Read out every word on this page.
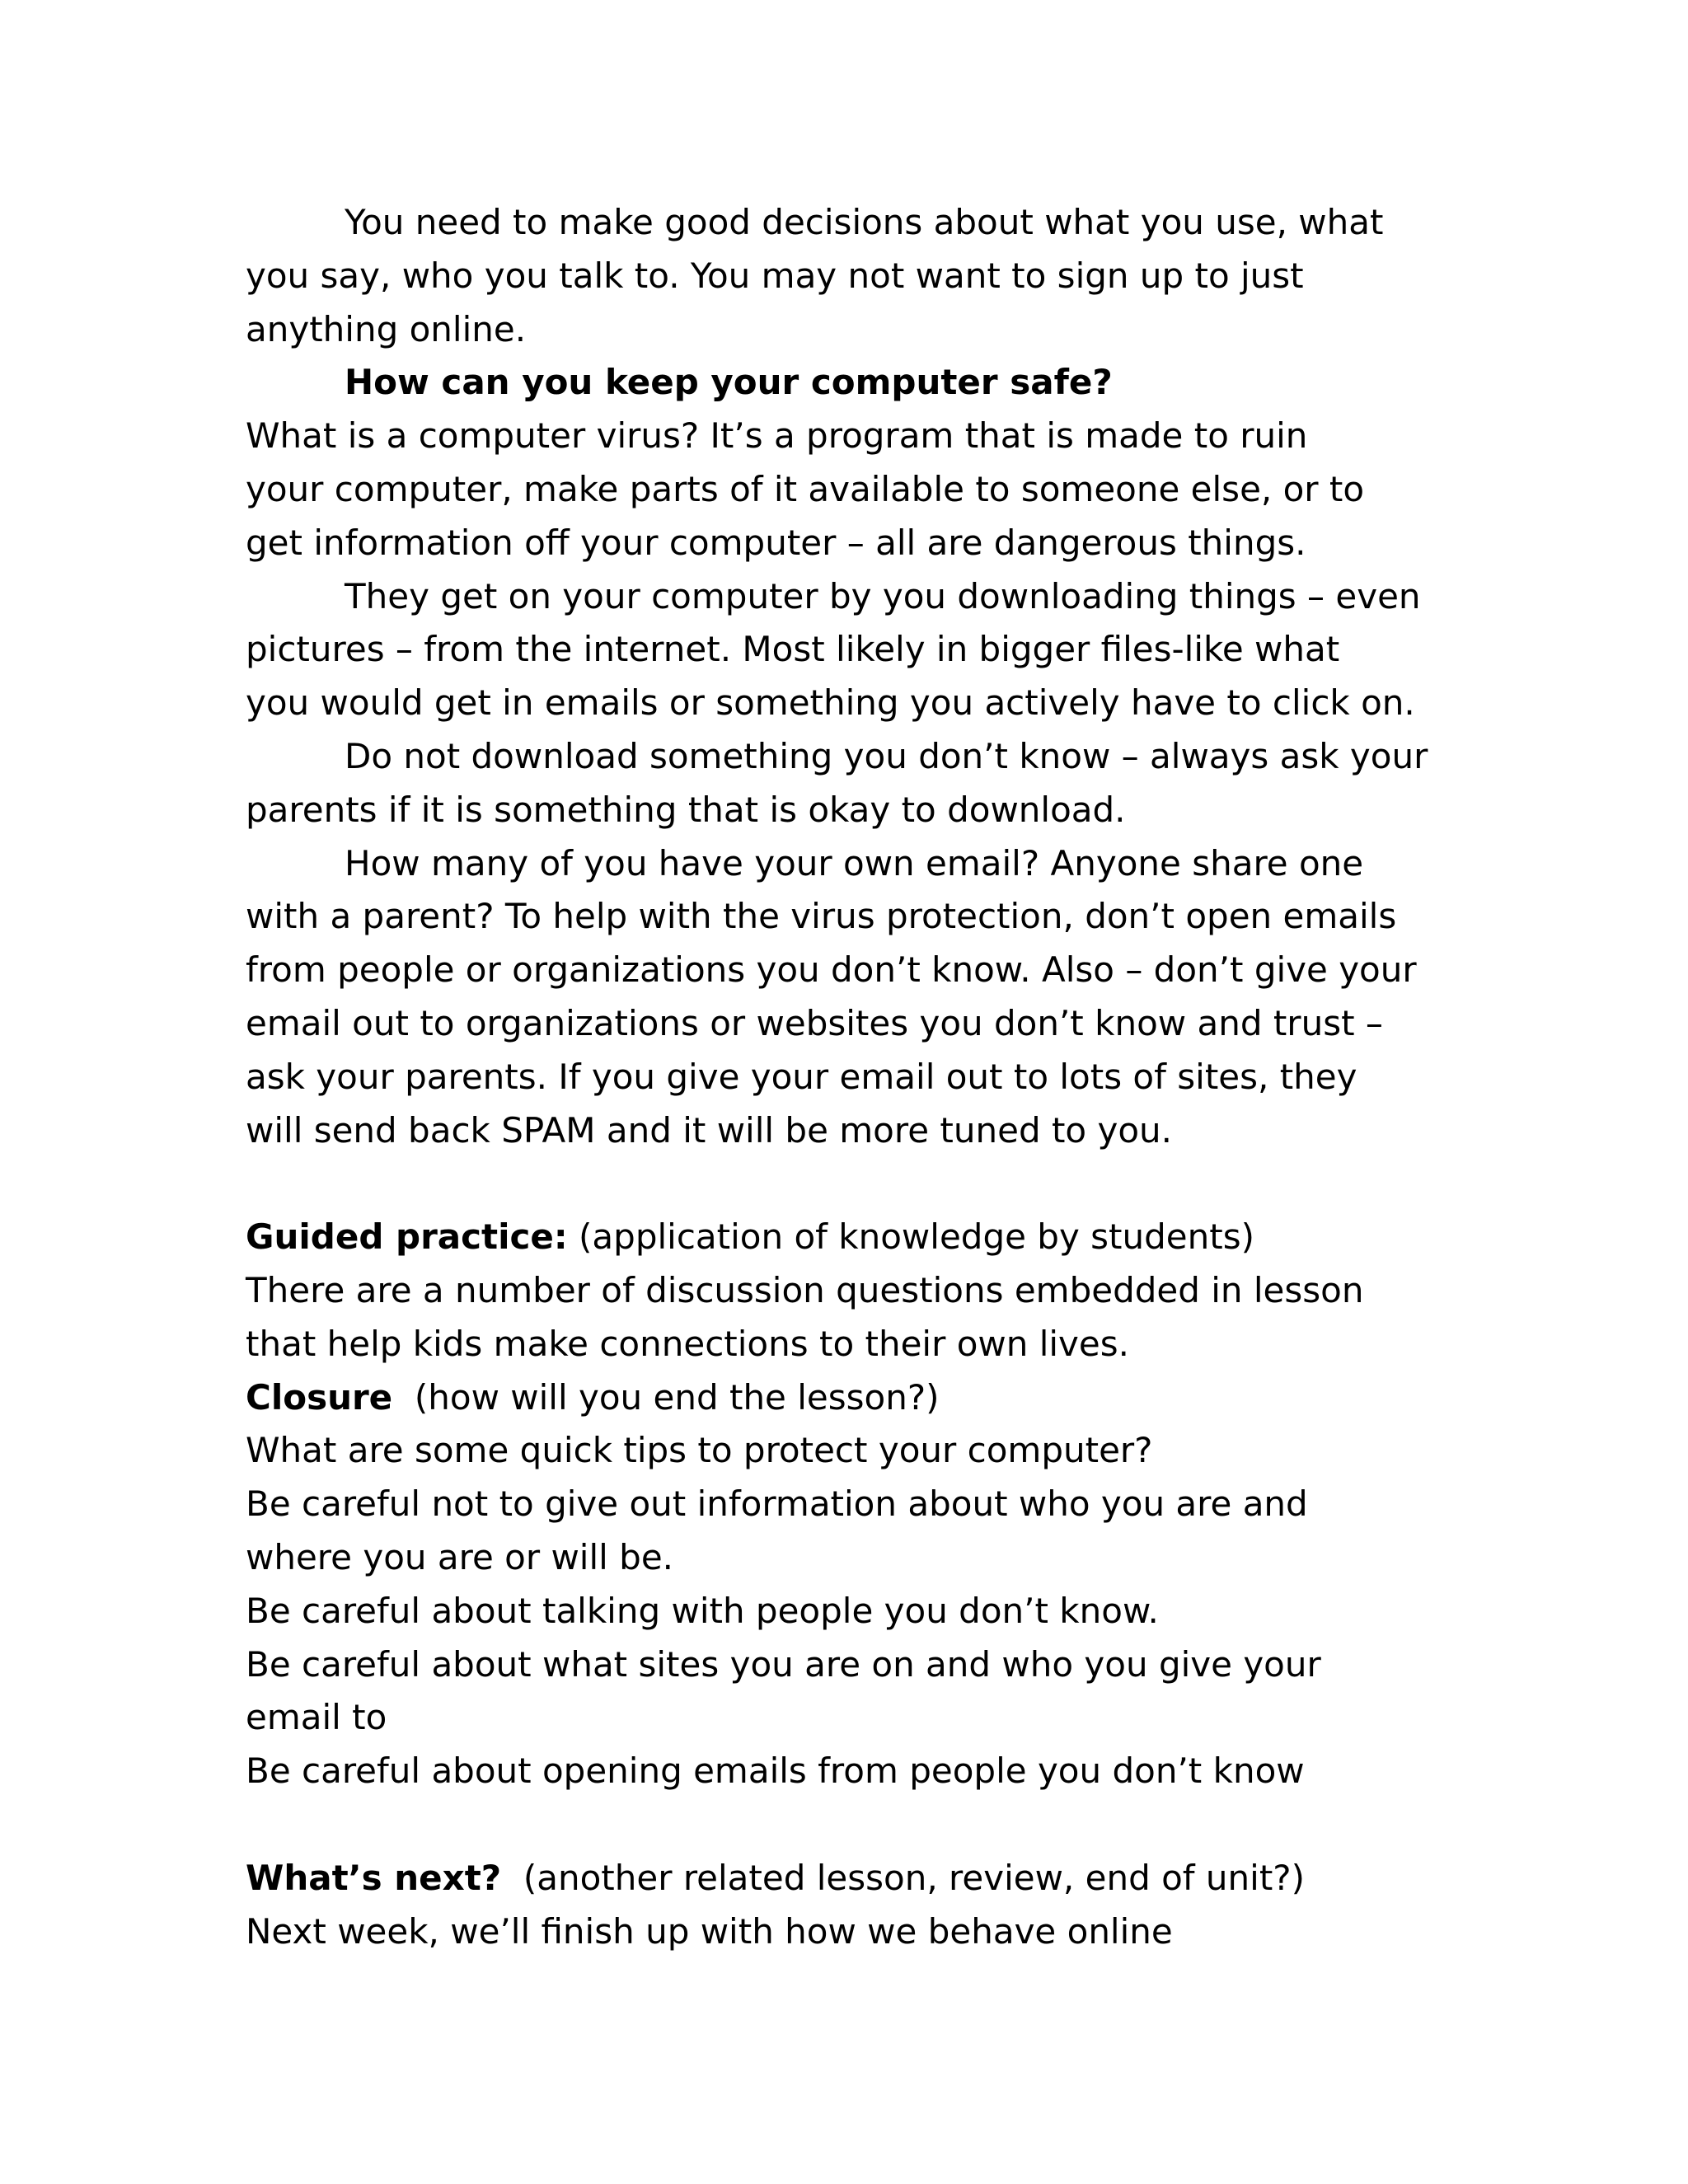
You need to make good decisions about what you use, what
you say, who you talk to. You may not want to sign up to just
anything online.
How can you keep your computer safe?
What is a computer virus? It’s a program that is made to ruin
your computer, make parts of it available to someone else, or to
get information off your computer – all are dangerous things.
They get on your computer by you downloading things – even
pictures – from the internet. Most likely in bigger files-like what
you would get in emails or something you actively have to click on.
Do not download something you don’t know – always ask your
parents if it is something that is okay to download.
How many of you have your own email? Anyone share one
with a parent? To help with the virus protection, don’t open emails
from people or organizations you don’t know. Also – don’t give your
email out to organizations or websites you don’t know and trust –
ask your parents. If you give your email out to lots of sites, they
will send back SPAM and it will be more tuned to you.
Guided practice: (application of knowledge by students)
There are a number of discussion questions embedded in lesson
that help kids make connections to their own lives.
Closure  (how will you end the lesson?)
What are some quick tips to protect your computer?
Be careful not to give out information about who you are and
where you are or will be.
Be careful about talking with people you don’t know.
Be careful about what sites you are on and who you give your
email to
Be careful about opening emails from people you don’t know
What’s next?  (another related lesson, review, end of unit?)
Next week, we’ll finish up with how we behave online
